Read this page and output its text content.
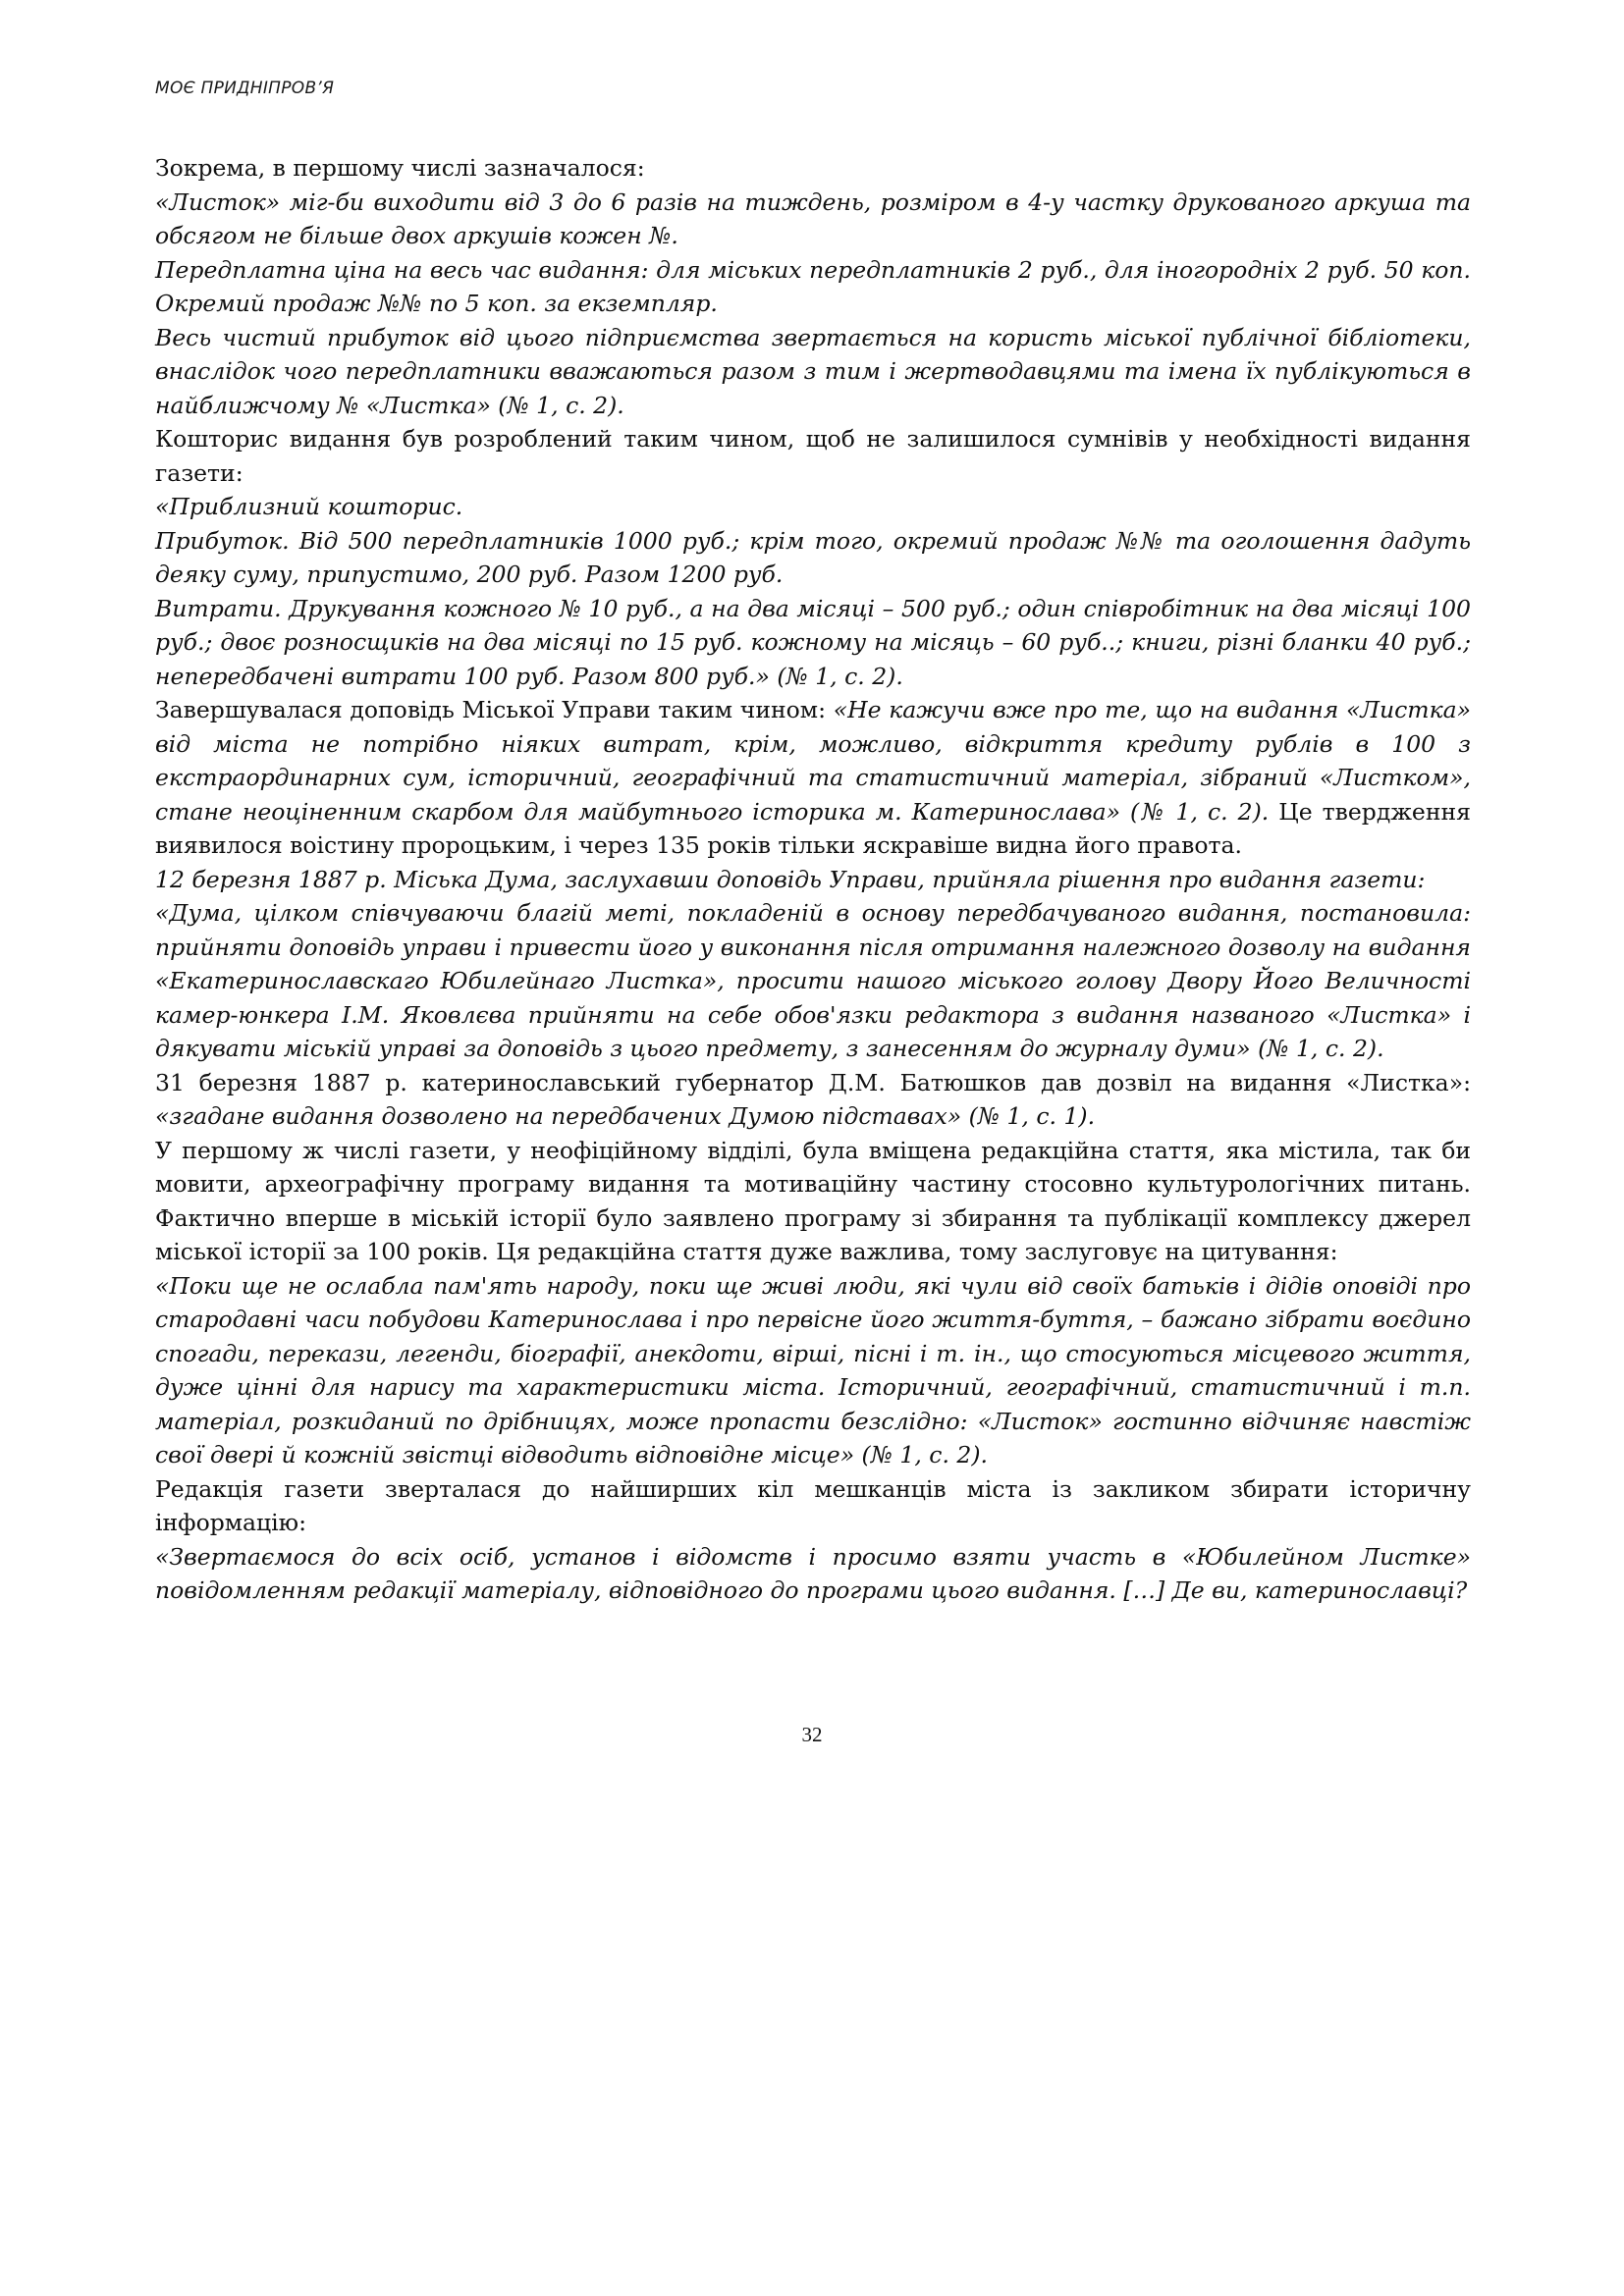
МОЄ ПРИДНІПРОВ’Я

Зокрема, в першому числі зазначалося:

«Листок» міг-би виходити від 3 до 6 разів на тиждень, розміром в 4-у частку друкованого аркуша та обсягом не більше двох аркушів кожен №.

Передплатна ціна на весь час видання: для міських передплатників 2 руб., для іногородніх 2 руб. 50 коп. Окремий продаж №№ по 5 коп. за екземпляр.

Весь чистий прибуток від цього підприємства звертається на користь міської публічної бібліотеки, внаслідок чого передплатники вважаються разом з тим і жертводавцями та імена їх публікуються в найближчому № «Листка» (№ 1, с. 2).

Кошторис видання був розроблений таким чином, щоб не залишилося сумнівів у необхідності видання газети:

«Приблизний кошторис.

Прибуток. Від 500 передплатників 1000 руб.; крім того, окремий продаж №№ та оголошення дадуть деяку суму, припустимо, 200 руб. Разом 1200 руб.

Витрати. Друкування кожного № 10 руб., а на два місяці – 500 руб.; один співробітник на два місяці 100 руб.; двоє розносщиків на два місяці по 15 руб. кожному на місяць – 60 руб..; книги, різні бланки 40 руб.; непередбачені витрати 100 руб. Разом 800 руб.» (№ 1, с. 2).

Завершувалася доповідь Міської Управи таким чином: «Не кажучи вже про те, що на видання «Листка» від міста не потрібно ніяких витрат, крім, можливо, відкриття кредиту рублів в 100 з екстраординарних сум, історичний, географічний та статистичний матеріал, зібраний «Листком», стане неоціненним скарбом для майбутнього історика м. Катеринослава» (№ 1, с. 2). Це твердження виявилося воістину пророцьким, і через 135 років тільки яскравіше видна його правота.

12 березня 1887 р. Міська Дума, заслухавши доповідь Управи, прийняла рішення про видання газети:

«Дума, цілком співчуваючи благій меті, покладеній в основу передбачуваного видання, постановила: прийняти доповідь управи і привести його у виконання після отримання належного дозволу на видання «Екатеринославскаго Юбилейнаго Листка», просити нашого міського голову Двору Його Величності камер-юнкера І.М. Яковлєва прийняти на себе обов'язки редактора з видання названого «Листка» і дякувати міській управі за доповідь з цього предмету, з занесенням до журналу думи» (№ 1, с. 2).

31 березня 1887 р. катеринославський губернатор Д.М. Батюшков дав дозвіл на видання «Листка»: «згадане видання дозволено на передбачених Думою підставах» (№ 1, с. 1).

У першому ж числі газети, у неофіційному відділі, була вміщена редакційна стаття, яка містила, так би мовити, археографічну програму видання та мотиваційну частину стосовно культурологічних питань. Фактично вперше в міській історії було заявлено програму зі збирання та публікації комплексу джерел міської історії за 100 років. Ця редакційна стаття дуже важлива, тому заслуговує на цитування:

«Поки ще не ослабла пам'ять народу, поки ще живі люди, які чули від своїх батьків і дідів оповіді про стародавні часи побудови Катеринослава і про первісне його життя-буття, – бажано зібрати воєдино спогади, перекази, легенди, біографії, анекдоти, вірші, пісні і т. ін., що стосуються місцевого життя, дуже цінні для нарису та характеристики міста. Історичний, географічний, статистичний і т.п. матеріал, розкиданий по дрібницях, може пропасти безслідно: «Листок» гостинно відчиняє навстіж свої двері й кожній звістці відводить відповідне місце» (№ 1, с. 2).

Редакція газети зверталася до найширших кіл мешканців міста із закликом збирати історичну інформацію:

«Звертаємося до всіх осіб, установ і відомств і просимо взяти участь в «Юбилейном Листке» повідомленням редакції матеріалу, відповідного до програми цього видання. […] Де ви, катеринославці?

32
